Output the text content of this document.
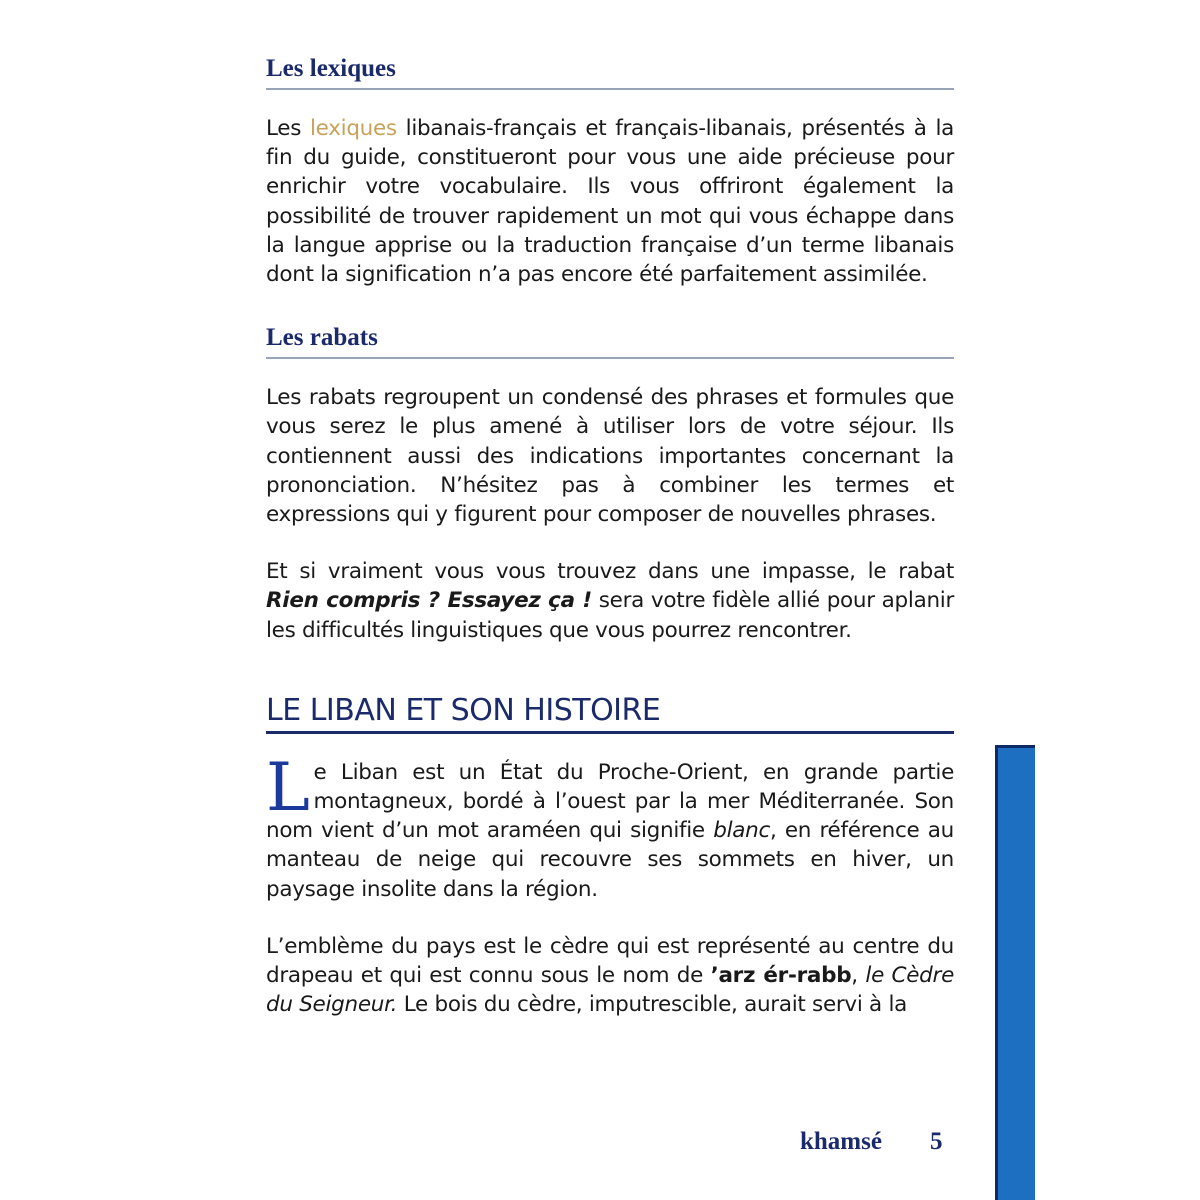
Les lexiques

Les lexiques libanais-français et français-libanais, présentés à la fin du guide, constitueront pour vous une aide précieuse pour enrichir votre vocabulaire. Ils vous offriront également la possibilité de trouver rapidement un mot qui vous échappe dans la langue apprise ou la traduction française d’un terme libanais dont la signification n’a pas encore été parfaitement assimilée.

Les rabats

Les rabats regroupent un condensé des phrases et formules que vous serez le plus amené à utiliser lors de votre séjour. Ils contiennent aussi des indications importantes concernant la prononciation. N’hésitez pas à combiner les termes et expressions qui y figurent pour composer de nouvelles phrases.

Et si vraiment vous vous trouvez dans une impasse, le rabat Rien compris ? Essayez ça ! sera votre fidèle allié pour aplanir les difficultés linguistiques que vous pourrez rencontrer.

LE LIBAN ET SON HISTOIRE

Le Liban est un État du Proche-Orient, en grande partie montagneux, bordé à l’ouest par la mer Méditerranée. Son nom vient d’un mot araméen qui signifie blanc, en référence au manteau de neige qui recouvre ses sommets en hiver, un paysage insolite dans la région.

L’emblème du pays est le cèdre qui est représenté au centre du drapeau et qui est connu sous le nom de ’arz ér-rabb, le Cèdre du Seigneur. Le bois du cèdre, imputrescible, aurait servi à la

khamsé 5
